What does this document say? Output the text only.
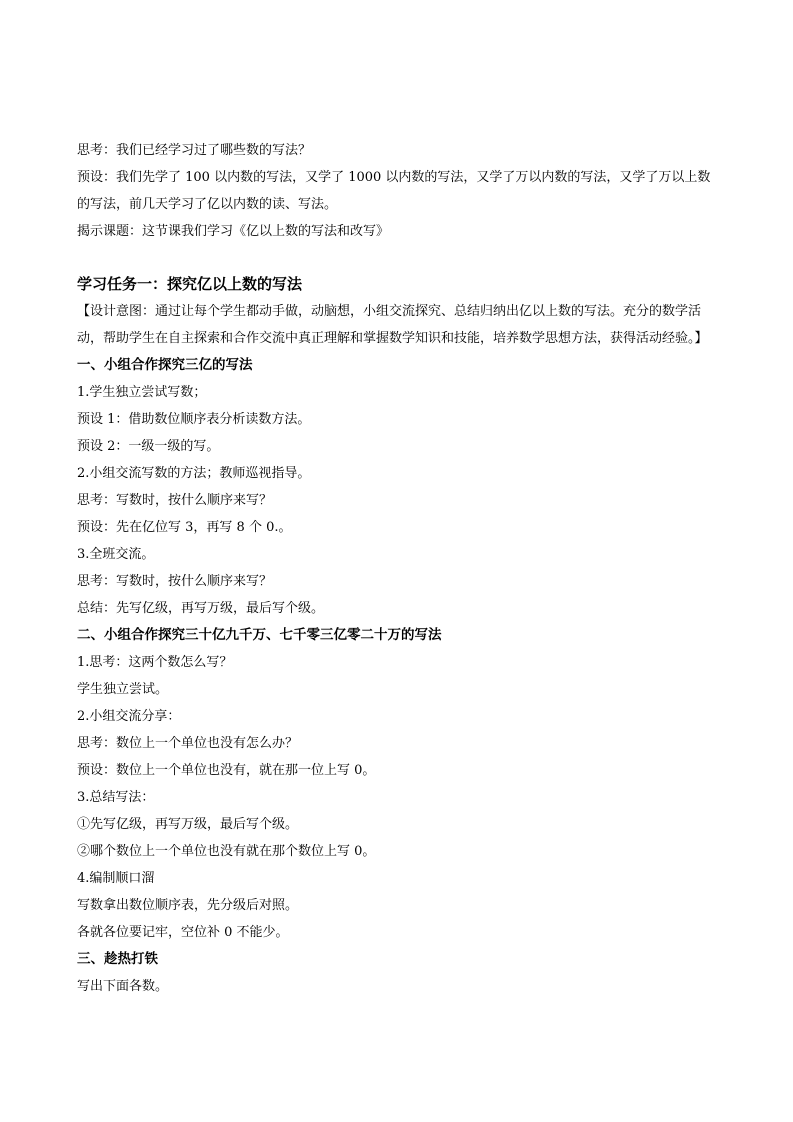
思考：我们已经学习过了哪些数的写法？

预设：我们先学了 100 以内数的写法，又学了 1000 以内数的写法，又学了万以内数的写法，又学了万以上数的写法，前几天学习了亿以内数的读、写法。

揭示课题：这节课我们学习《亿以上数的写法和改写》

学习任务一：探究亿以上数的写法

【设计意图：通过让每个学生都动手做，动脑想，小组交流探究、总结归纳出亿以上数的写法。充分的数学活动，帮助学生在自主探索和合作交流中真正理解和掌握数学知识和技能，培养数学思想方法，获得活动经验。】

一、小组合作探究三亿的写法

1.学生独立尝试写数；

预设 1：借助数位顺序表分析读数方法。

预设 2：一级一级的写。

2.小组交流写数的方法；教师巡视指导。

思考：写数时，按什么顺序来写？

预设：先在亿位写 3，再写 8 个 0.。

3.全班交流。

思考：写数时，按什么顺序来写？

总结：先写亿级，再写万级，最后写个级。

二、小组合作探究三十亿九千万、七千零三亿零二十万的写法

1.思考：这两个数怎么写？

学生独立尝试。

2.小组交流分享：

思考：数位上一个单位也没有怎么办？

预设：数位上一个单位也没有，就在那一位上写 0。

3.总结写法：

①先写亿级，再写万级，最后写个级。

②哪个数位上一个单位也没有就在那个数位上写 0。

4.编制顺口溜

写数拿出数位顺序表，先分级后对照。

各就各位要记牢，空位补 0 不能少。

三、趁热打铁

写出下面各数。
